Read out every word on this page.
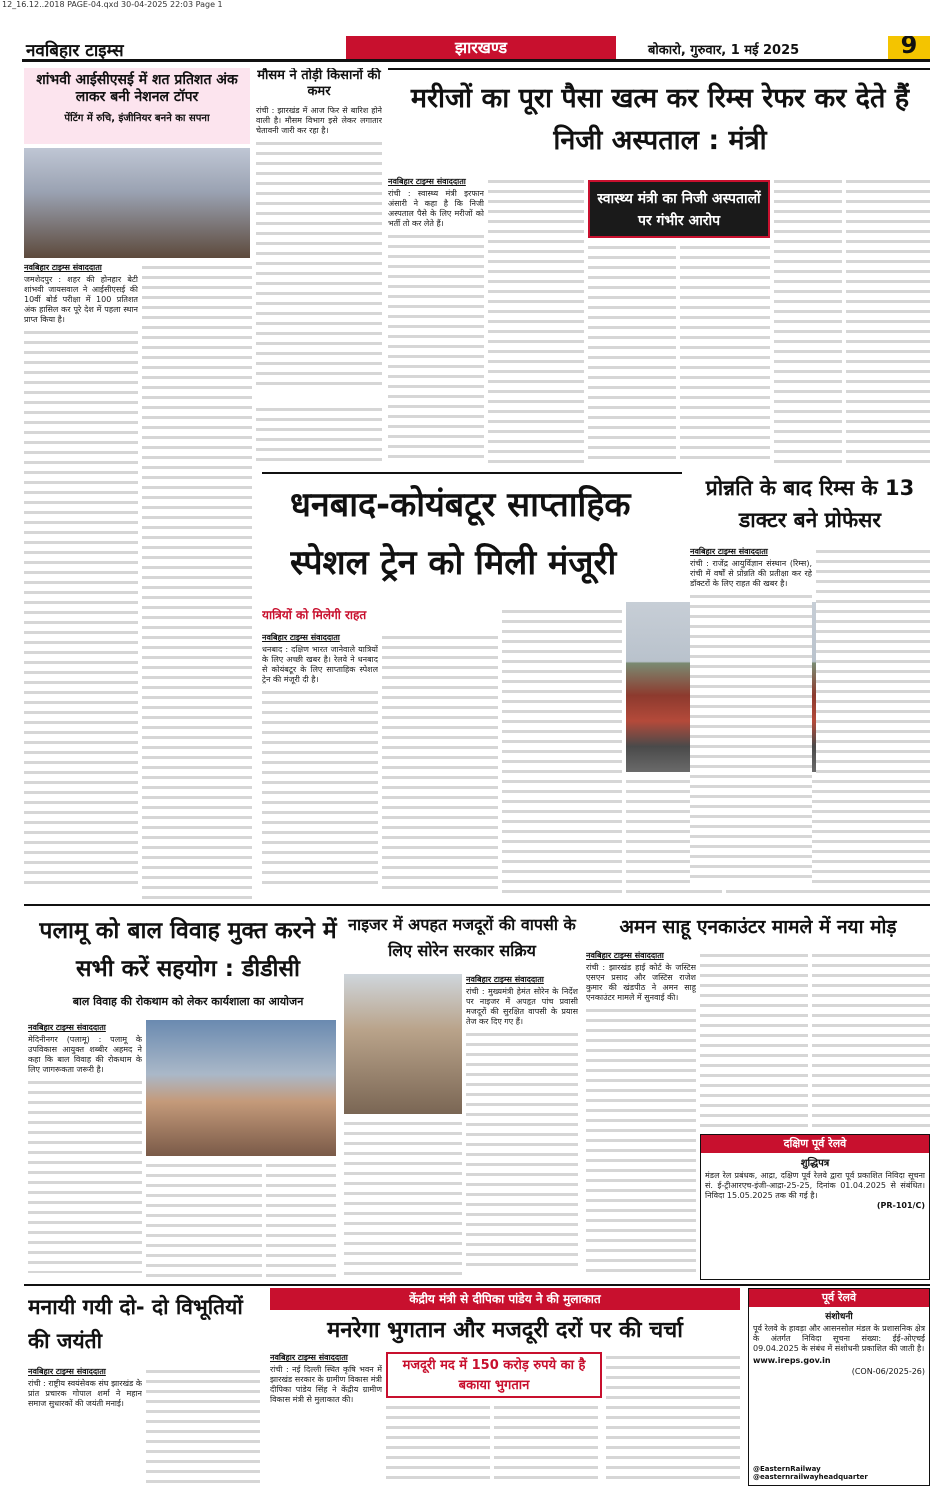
12_16.12..2018 PAGE-04.qxd 30-04-2025 22:03 Page 1
नवबिहार टाइम्स	झारखण्ड	बोकारो, गुरुवार, 1 मई 2025	9
शांभवी आईसीएसई में शत प्रतिशत अंक लाकर बनी नेशनल टॉपर
पेंटिंग में रुचि, इंजीनियर बनने का सपना
नवबिहार टाइम्स संवाददाता
जमशेदपुर : शहर की होनहार बेटी शांभवी जायसवाल ने आईसीएसई की 10वीं बोर्ड परीक्षा में 100 प्रतिशत अंक हासिल कर पूरे देश में पहला स्थान प्राप्त किया है।
मौसम ने तोड़ी किसानों की कमर
रांची : झारखंड में आज फिर से बारिश होने वाली है। मौसम विभाग इसे लेकर लगातार चेतावनी जारी कर रहा है।
मरीजों का पूरा पैसा खत्म कर रिम्स रेफर कर देते हैं निजी अस्पताल : मंत्री
नवबिहार टाइम्स संवाददाता
रांची : स्वास्थ्य मंत्री इरफान अंसारी ने कहा है कि निजी अस्पताल पैसे के लिए मरीजों को भर्ती तो कर लेते हैं।
स्वास्थ्य मंत्री का निजी अस्पतालों पर गंभीर आरोप
धनबाद-कोयंबटूर साप्ताहिक स्पेशल ट्रेन को मिली मंजूरी
यात्रियों को मिलेगी राहत
नवबिहार टाइम्स संवाददाता
धनबाद : दक्षिण भारत जानेवाले यात्रियों के लिए अच्छी खबर है। रेलवे ने धनबाद से कोयंबटूर के लिए साप्ताहिक स्पेशल ट्रेन की मंजूरी दी है।
प्रोन्नति के बाद रिम्स के 13 डाक्टर बने प्रोफेसर
नवबिहार टाइम्स संवाददाता
रांची : राजेंद्र आयुर्विज्ञान संस्थान (रिम्स), रांची में वर्षों से प्रोन्नति की प्रतीक्षा कर रहे डॉक्टरों के लिए राहत की खबर है।
पलामू को बाल विवाह मुक्त करने में सभी करें सहयोग : डीडीसी
बाल विवाह की रोकथाम को लेकर कार्यशाला का आयोजन
नवबिहार टाइम्स संवाददाता
मेदिनीनगर (पलामू) : पलामू के उपविकास आयुक्त शब्बीर अहमद ने कहा कि बाल विवाह की रोकथाम के लिए जागरूकता जरूरी है।
नाइजर में अपहत मजदूरों की वापसी के लिए सोरेन सरकार सक्रिय
नवबिहार टाइम्स संवाददाता
रांची : मुख्यमंत्री हेमंत सोरेन के निर्देश पर नाइजर में अपहृत पांच प्रवासी मजदूरों की सुरक्षित वापसी के प्रयास तेज कर दिए गए हैं।
अमन साहू एनकाउंटर मामले में नया मोड़
नवबिहार टाइम्स संवाददाता
रांची : झारखंड हाई कोर्ट के जस्टिस एसएन प्रसाद और जस्टिस राजेश कुमार की खंडपीठ ने अमन साहू एनकाउंटर मामले में सुनवाई की।
दक्षिण पूर्व रेलवे
शुद्धिपत्र
मंडल रेल प्रबंधक, आद्रा, दक्षिण पूर्व रेलवे द्वारा पूर्व प्रकाशित निविदा सूचना सं. ई-ट्रीआरएच-इंजी-आद्रा-25-25, दिनांक 01.04.2025 से संबंधित। निविदा 15.05.2025 तक की गई है।
(PR-101/C)
मनायी गयी दो- दो विभूतियों की जयंती
नवबिहार टाइम्स संवाददाता
रांची : राष्ट्रीय स्वयंसेवक संघ झारखंड के प्रांत प्रचारक गोपाल शर्मा ने महान समाज सुधारकों की जयंती मनाई।
केंद्रीय मंत्री से दीपिका पांडेय ने की मुलाकात
मनरेगा भुगतान और मजदूरी दरों पर की चर्चा
नवबिहार टाइम्स संवाददाता
रांची : नई दिल्ली स्थित कृषि भवन में झारखंड सरकार के ग्रामीण विकास मंत्री दीपिका पांडेय सिंह ने केंद्रीय ग्रामीण विकास मंत्री से मुलाकात की।
मजदूरी मद में 150 करोड़ रुपये का है बकाया भुगतान
पूर्व रेलवे
संशोधनी
पूर्व रेलवे के हावड़ा और आसनसोल मंडल के प्रशासनिक क्षेत्र के अंतर्गत निविदा सूचना संख्या: ईई-ओएचई 09.04.2025 के संबंध में संशोधनी प्रकाशित की जाती है।
www.ireps.gov.in
(CON-06/2025-26)
@EasternRailway @easternrailwayheadquarter
